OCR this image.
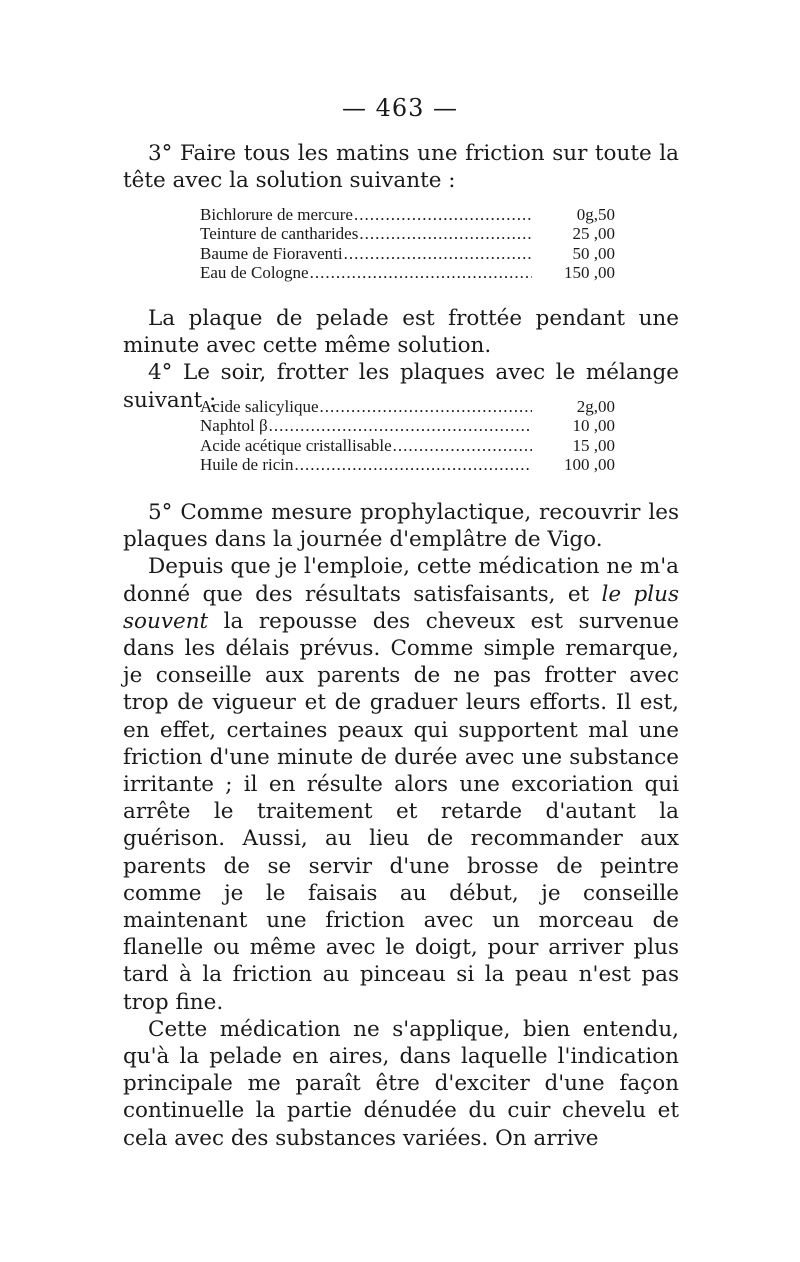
— 463 —

3° Faire tous les matins une friction sur toute la tête avec la solution suivante :

Bichlorure de mercure .....	0g,50
Teinture de cantharides .....	25 ,00
Baume de Fioraventi .....	50 ,00
Eau de Cologne .....	150 ,00

La plaque de pelade est frottée pendant une minute avec cette même solution.

4° Le soir, frotter les plaques avec le mélange suivant :

Acide salicylique .....	2g,00
Naphtol β .....	10 ,00
Acide acétique cristallisable .....	15 ,00
Huile de ricin .....	100 ,00

5° Comme mesure prophylactique, recouvrir les plaques dans la journée d'emplâtre de Vigo.

Depuis que je l'emploie, cette médication ne m'a donné que des résultats satisfaisants, et le plus souvent la repousse des cheveux est survenue dans les délais prévus. Comme simple remarque, je conseille aux parents de ne pas frotter avec trop de vigueur et de graduer leurs efforts. Il est, en effet, certaines peaux qui supportent mal une friction d'une minute de durée avec une substance irritante ; il en résulte alors une excoriation qui arrête le traitement et retarde d'autant la guérison. Aussi, au lieu de recommander aux parents de se servir d'une brosse de peintre comme je le faisais au début, je conseille maintenant une friction avec un morceau de flanelle ou même avec le doigt, pour arriver plus tard à la friction au pinceau si la peau n'est pas trop fine.

Cette médication ne s'applique, bien entendu, qu'à la pelade en aires, dans laquelle l'indication principale me paraît être d'exciter d'une façon continuelle la partie dénudée du cuir chevelu et cela avec des substances variées. On arrive
